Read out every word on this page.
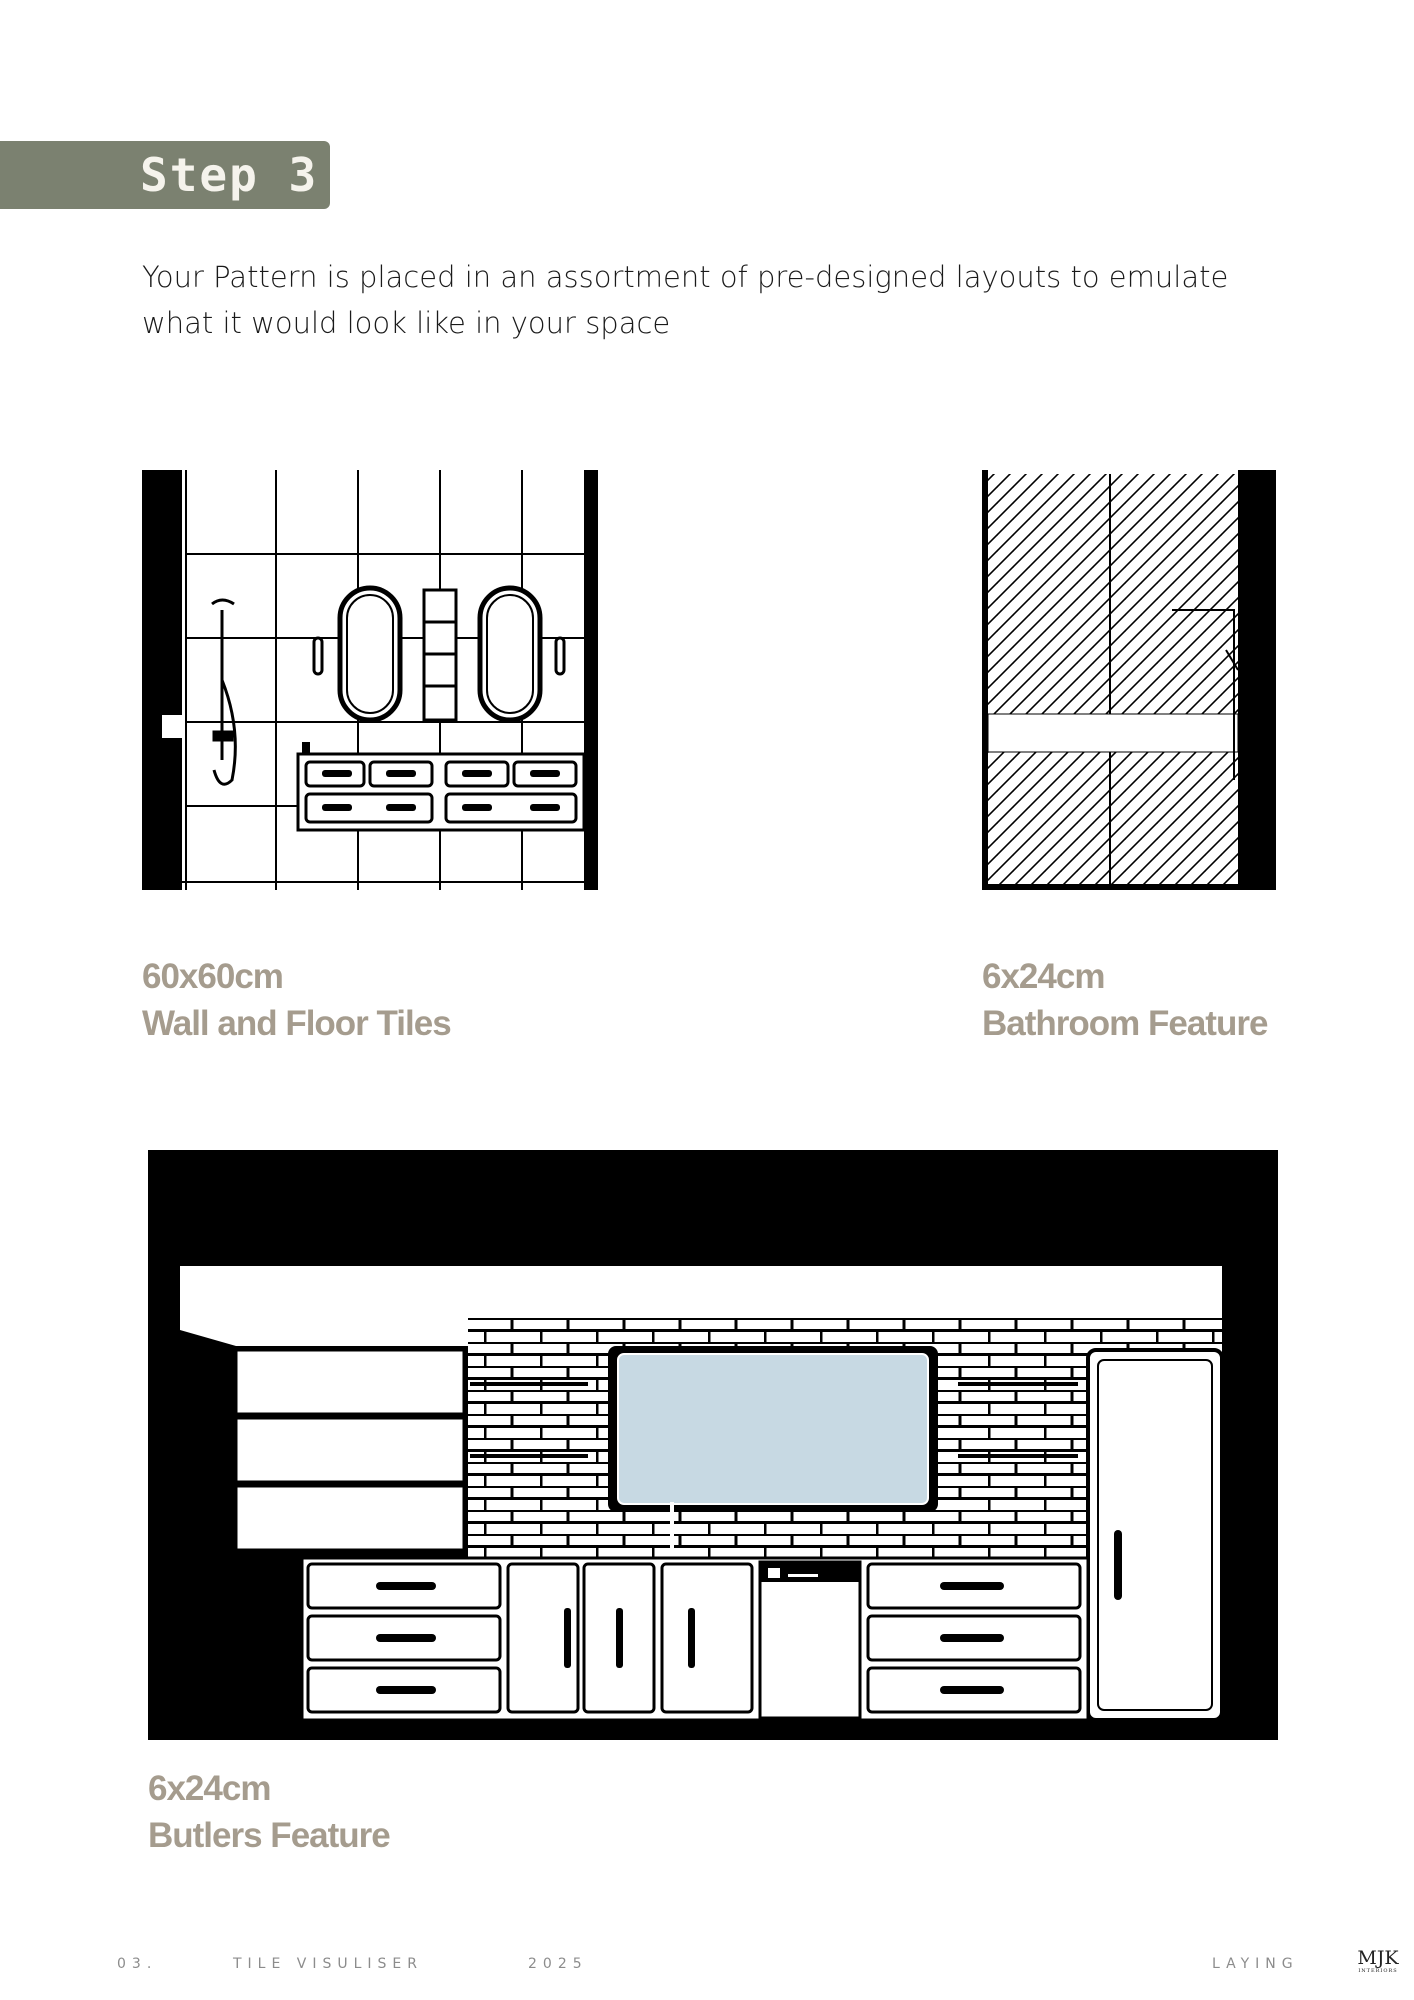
Step 3
Your Pattern is placed in an assortment of pre-designed layouts to emulate what it would look like in your space
60x60cm
Wall and Floor Tiles
6x24cm
Bathroom Feature
6x24cm
Butlers Feature
03.	TILE VISULISER	2025	LAYING	MJK
INTERIORS
